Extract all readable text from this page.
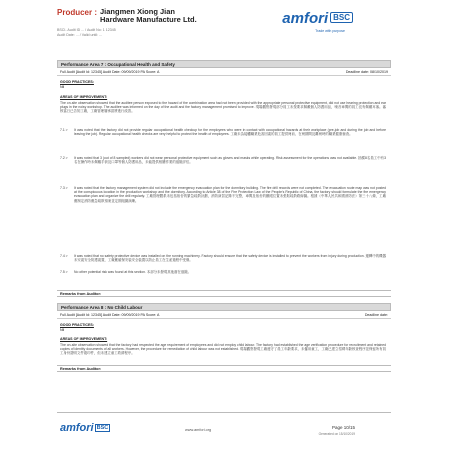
Producer : Jiangmen Xiong Jian Hardware Manufacture Ltd.
BSCI- Audit ID ... / Audit No: 1 12345
Audit Date: ... / Valid until: ...
amfori $^{BSC}$
Trade with purpose
Performance Area 7 : Occupational Health and Safety
Full Audit [Audit Id: 12345] Audit Date: 09/09/2019 PA Score: A	Deadline date: 08/10/2019
GOOD PRACTICES:
Nil
AREAS OF IMPROVEMENT:
The on-site observation showed that the auditee person exposed to the hazard of the combination area had not been provided with the appropriate personal protective equipment, did not use hearing protection and ear plugs in the noisy workshop. The auditee was informed on the day of the audit and the factory management promised to improve. 現場觀察發現部分員工未按要求佩戴個人防護用品，噪音車間的員工沒有佩戴耳塞。審核當日已告知工廠，工廠管理層承諾將進行改善。
7.1 >	It was noted that the factory did not provide regular occupational health checkup for the employees who were in contact with occupational hazards at their workplace (pre-job and during the job and before leaving the job). Regular occupational health checks are very helpful to protect the health of employees. 工廠未為接觸職業危害因素的員工提供崗前、在崗期間及離崗時的職業健康檢查。
7.2 >	It was noted that 3 (out of 8 sampled) workers did not wear personal protective equipment such as gloves and masks while operating. Risk assessment for the operations was not available. 抽樣8名員工中有3名在操作時未佩戴手套及口罩等個人防護用品，未能提供相關作業的風險評估。
7.3 >	It was noted that the factory management system did not include the emergency evacuation plan for the dormitory building. The fire drill records were not completed. The evacuation route map was not posted at the conspicuous location in the production workshop and the dormitory. According to Article 38 of the Fire Protection Law of the People's Republic of China, the factory should formulate the fire emergency evacuation plan and organize the drill regularly. 工廠管理體系未包括宿舍的緊急疏散計劃，消防演習記錄不完整，車間及宿舍的顯眼位置未張貼疏散路線圖。根據《中華人民共和國消防法》第三十八條，工廠應制定消防應急疏散預案並定期組織演練。
7.4 >	It was noted that no safety protective device was installed on the running machinery. Factory should ensure that the safety device is installed to prevent the workers from injury during production. 運轉中的機器未安裝安全防護裝置，工廠應確保安裝安全裝置以防止員工在生產過程中受傷。
7.5 >	No other potential risk was found at this section. 本部分未發現其他潛在風險。
Remarks from Auditor:
Performance Area 8 : No Child Labour
Full Audit [Audit Id: 12345] Audit Date: 09/09/2019 PA Score: A	Deadline date:
GOOD PRACTICES:
Nil
AREAS OF IMPROVEMENT:
The on-site observation showed that the factory had respected the age requirement of employees and did not employ child labour. The factory had established the age verification procedure for recruitment and retained copies of identity documents of all workers. However, the procedure for remediation of child labour was not established. 現場觀察發現工廠遵守了員工年齡要求，未僱用童工，工廠已建立招聘年齡核查程序並保留所有員工身份證明文件複印件，但未建立童工救濟程序。
Remarks from Auditor:
amfori BSC	www.amfori.org	Page 10/15
Generated on 15/10/2019
